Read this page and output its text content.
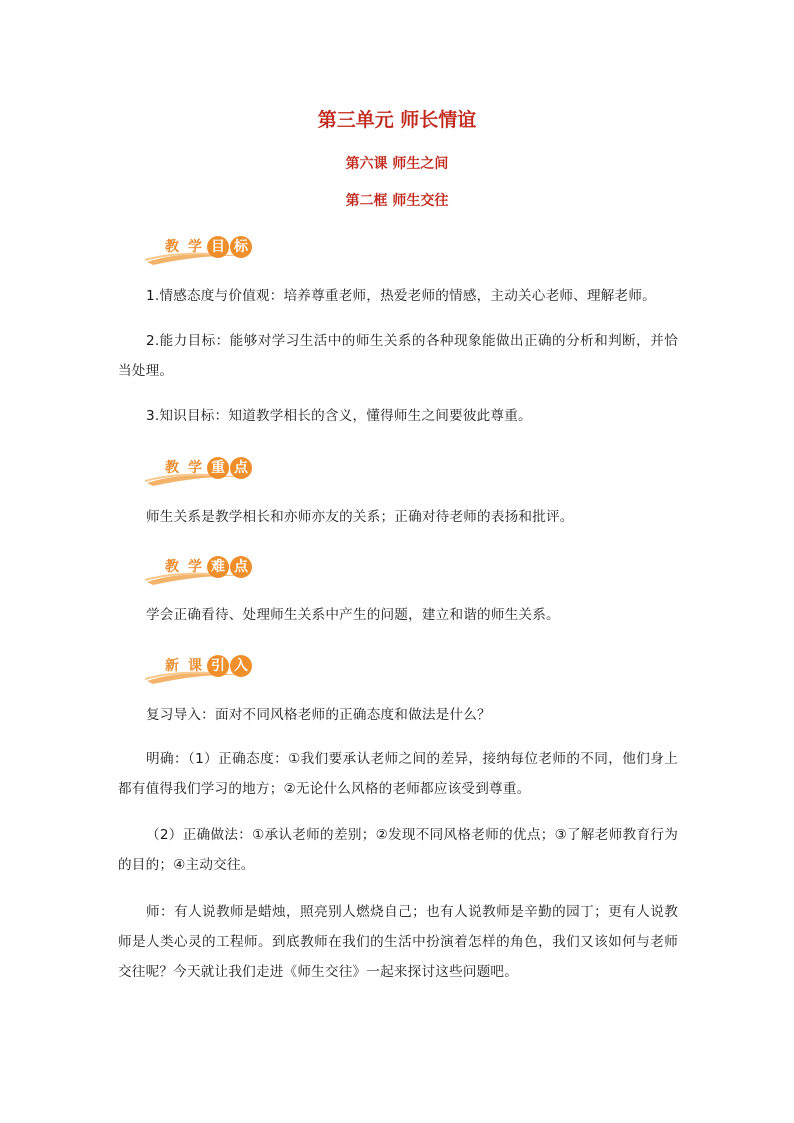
第三单元 师长情谊
第六课 师生之间
第二框 师生交往
教 学 目 标
1.情感态度与价值观：培养尊重老师，热爱老师的情感，主动关心老师、理解老师。
2.能力目标：能够对学习生活中的师生关系的各种现象能做出正确的分析和判断，并恰当处理。
3.知识目标：知道教学相长的含义，懂得师生之间要彼此尊重。
教 学 重 点
师生关系是教学相长和亦师亦友的关系；正确对待老师的表扬和批评。
教 学 难 点
学会正确看待、处理师生关系中产生的问题，建立和谐的师生关系。
新 课 引 入
复习导入：面对不同风格老师的正确态度和做法是什么？
明确：（1）正确态度：①我们要承认老师之间的差异，接纳每位老师的不同，他们身上都有值得我们学习的地方；②无论什么风格的老师都应该受到尊重。
（2）正确做法：①承认老师的差别；②发现不同风格老师的优点；③了解老师教育行为的目的；④主动交往。
师：有人说教师是蜡烛，照亮别人燃烧自己；也有人说教师是辛勤的园丁；更有人说教师是人类心灵的工程师。到底教师在我们的生活中扮演着怎样的角色，我们又该如何与老师交往呢？今天就让我们走进《师生交往》一起来探讨这些问题吧。
